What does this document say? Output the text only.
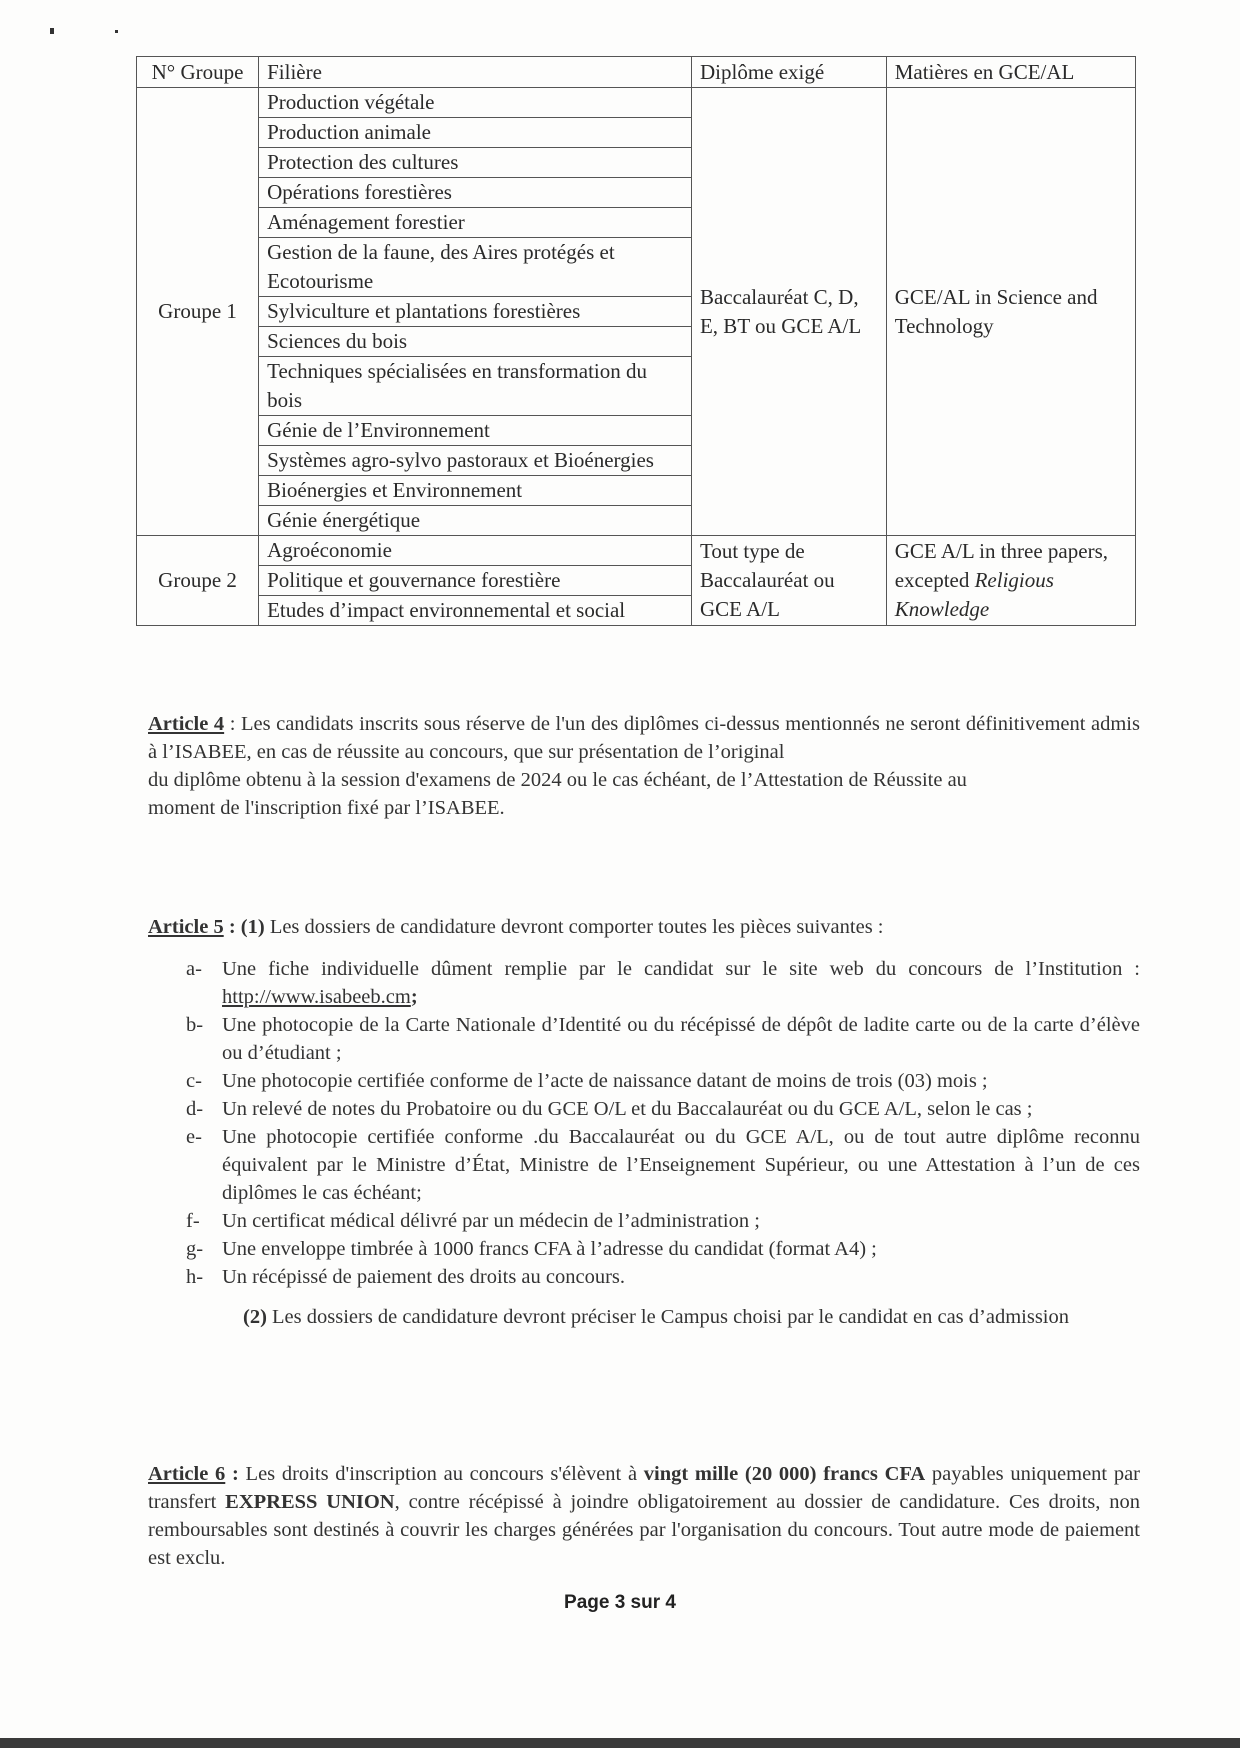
N° Groupe	Filière	Diplôme exigé	Matières en GCE/AL
Groupe 1	Production végétale	Baccalauréat C, D, E, BT ou GCE A/L	GCE/AL in Science and Technology
	Production animale		
	Protection des cultures		
	Opérations forestières		
	Aménagement forestier		
	Gestion de la faune, des Aires protégés et Ecotourisme		
	Sylviculture et plantations forestières		
	Sciences du bois		
	Techniques spécialisées en transformation du bois		
	Génie de l’Environnement		
	Systèmes agro-sylvo pastoraux et Bioénergies		
	Bioénergies et Environnement		
	Génie énergétique		
Groupe 2	Agroéconomie	Tout type de Baccalauréat ou GCE A/L	GCE A/L in three papers, excepted Religious Knowledge
	Politique et gouvernance forestière		
	Etudes d’impact environnemental et social		
Article 4 : Les candidats inscrits sous réserve de l'un des diplômes ci-dessus mentionnés ne seront définitivement admis à l’ISABEE, en cas de réussite au concours, que sur présentation de l’original
du diplôme obtenu à la session d'examens de 2024 ou le cas échéant, de l’Attestation de Réussite au
moment de l'inscription fixé par l’ISABEE.
Article 5 : (1) Les dossiers de candidature devront comporter toutes les pièces suivantes :
a- Une fiche individuelle dûment remplie par le candidat sur le site web du concours de l’Institution : http://www.isabeeb.cm;
b- Une photocopie de la Carte Nationale d’Identité ou du récépissé de dépôt de ladite carte ou de la carte d’élève ou d’étudiant ;
c- Une photocopie certifiée conforme de l’acte de naissance datant de moins de trois (03) mois ;
d- Un relevé de notes du Probatoire ou du GCE O/L et du Baccalauréat ou du GCE A/L, selon le cas ;
e- Une photocopie certifiée conforme .du Baccalauréat ou du GCE A/L, ou de tout autre diplôme reconnu équivalent par le Ministre d’État, Ministre de l’Enseignement Supérieur, ou une Attestation à l’un de ces diplômes le cas échéant;
f- Un certificat médical délivré par un médecin de l’administration ;
g- Une enveloppe timbrée à 1000 francs CFA à l’adresse du candidat (format A4) ;
h- Un récépissé de paiement des droits au concours.
(2) Les dossiers de candidature devront préciser le Campus choisi par le candidat en cas d’admission
Article 6 : Les droits d'inscription au concours s'élèvent à vingt mille (20 000) francs CFA payables uniquement par transfert EXPRESS UNION, contre récépissé à joindre obligatoirement au dossier de candidature. Ces droits, non remboursables sont destinés à couvrir les charges générées par l'organisation du concours. Tout autre mode de paiement est exclu.
Page 3 sur 4
